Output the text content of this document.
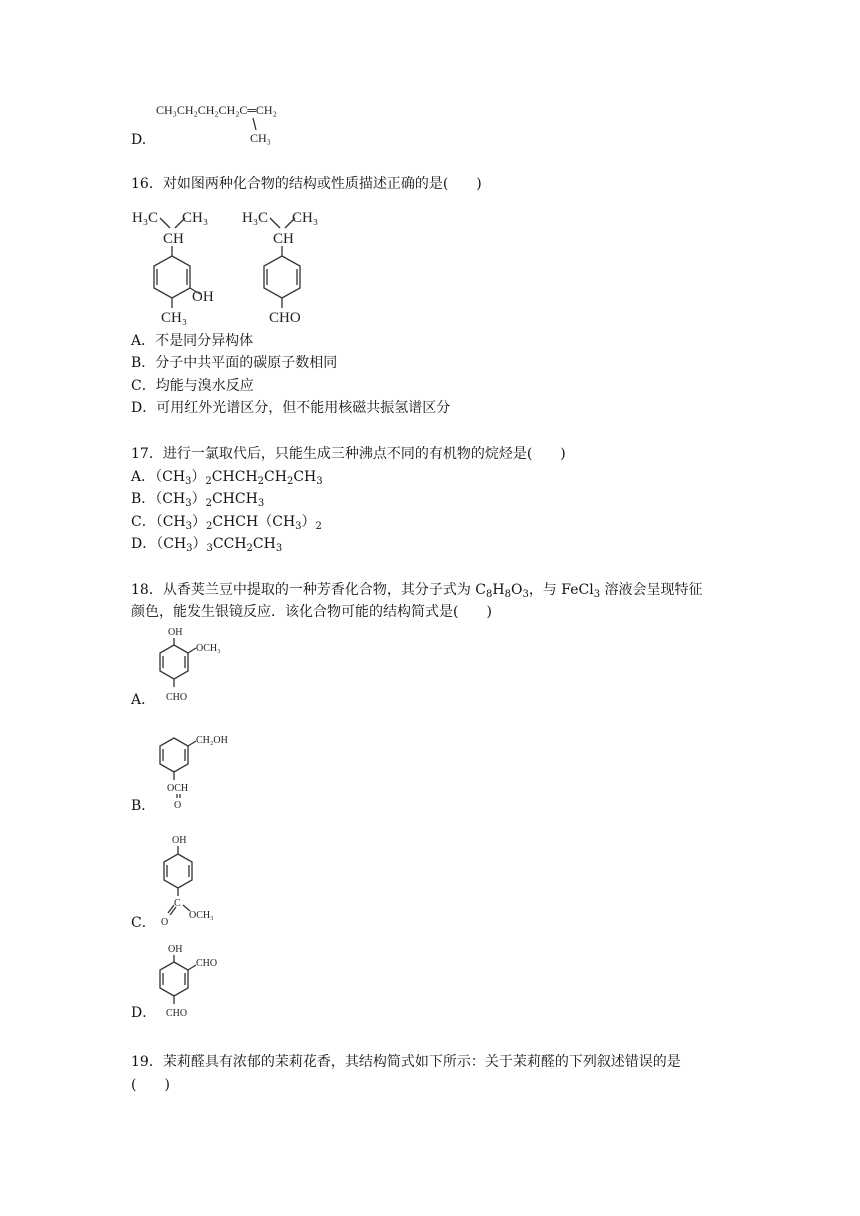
D.
CH₃CH₂CH₂CH₂C═CH₂
CH₃
16．对如图两种化合物的结构或性质描述正确的是(　　)
H₃C CH₃
CH
OH
CH₃
H₃C CH₃
CH
CHO
A．不是同分异构体
B．分子中共平面的碳原子数相同
C．均能与溴水反应
D．可用红外光谱区分，但不能用核磁共振氢谱区分
17．进行一氯取代后，只能生成三种沸点不同的有机物的烷烃是(　　)
A．$(CH_3)_2CHCH_2CH_2CH_3$
B．$(CH_3)_2CHCH_3$
C．$(CH_3)_2CHCH(CH_3)_2$
D．$(CH_3)_3CCH_2CH_3$
18．从香荚兰豆中提取的一种芳香化合物，其分子式为 $C_8H_8O_3$，与 FeCl$_3$ 溶液会呈现特征
颜色，能发生银镜反应．该化合物可能的结构简式是(　　)
A．
OH
OCH₃
CHO
B．
CH₂OH
OCH
O
C．
OH
C
OCH₃
O
D．
OH
CHO
CHO
19．茉莉醛具有浓郁的茉莉花香，其结构简式如下所示：关于茉莉醛的下列叙述错误的是
(　　)
